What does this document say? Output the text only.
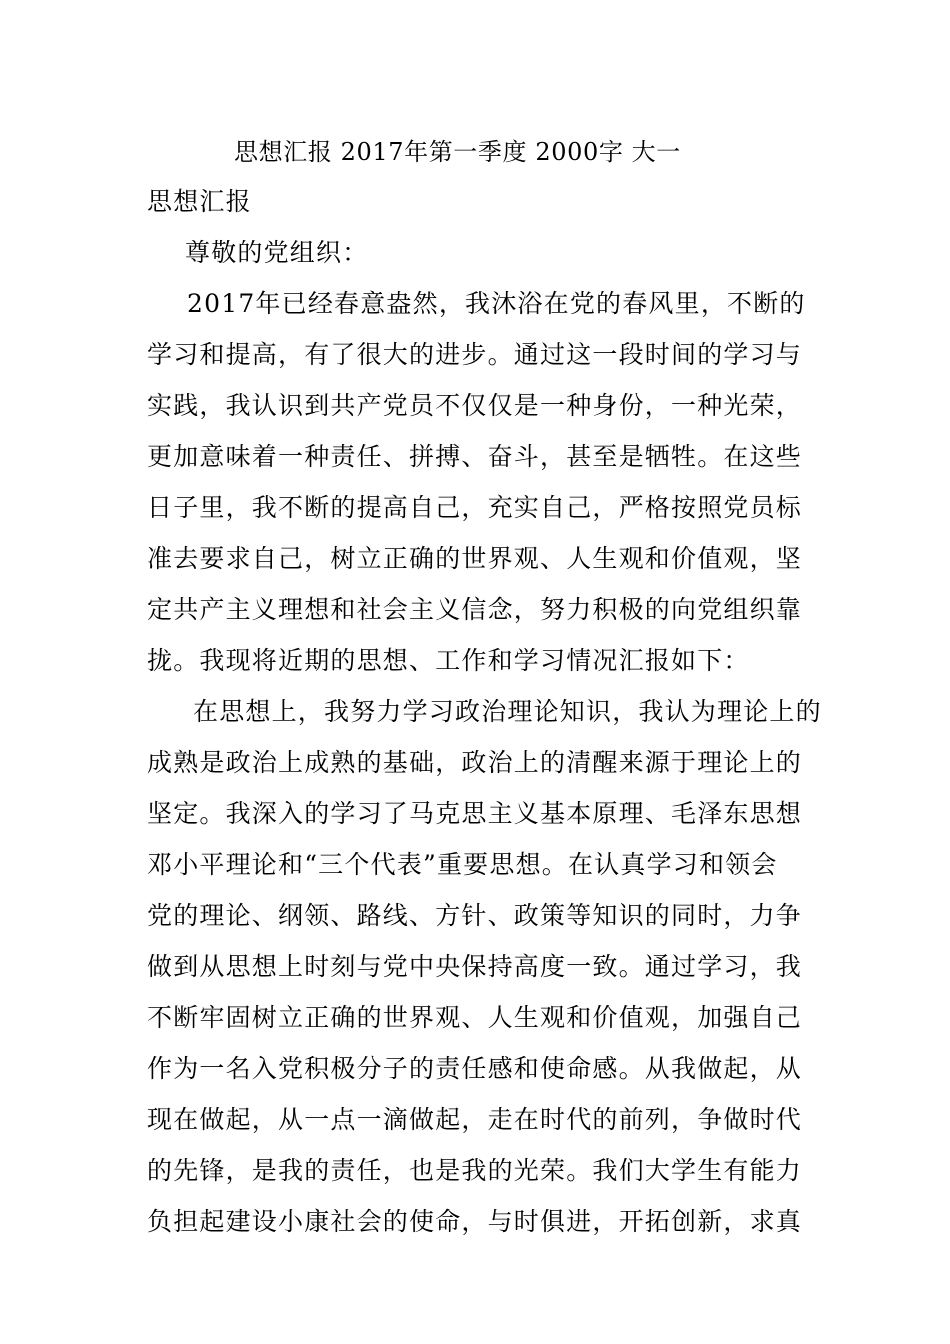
思想汇报 2017年第一季度 2000字 大一
思想汇报
尊敬的党组织：
2017年已经春意盎然，我沐浴在党的春风里，不断的
学习和提高，有了很大的进步。通过这一段时间的学习与
实践，我认识到共产党员不仅仅是一种身份，一种光荣，
更加意味着一种责任、拼搏、奋斗，甚至是牺牲。在这些
日子里，我不断的提高自己，充实自己，严格按照党员标
准去要求自己，树立正确的世界观、人生观和价值观，坚
定共产主义理想和社会主义信念，努力积极的向党组织靠
拢。我现将近期的思想、工作和学习情况汇报如下：
在思想上，我努力学习政治理论知识，我认为理论上的
成熟是政治上成熟的基础，政治上的清醒来源于理论上的
坚定。我深入的学习了马克思主义基本原理、毛泽东思想
邓小平理论和“三个代表”重要思想。在认真学习和领会
党的理论、纲领、路线、方针、政策等知识的同时，力争
做到从思想上时刻与党中央保持高度一致。通过学习，我
不断牢固树立正确的世界观、人生观和价值观，加强自己
作为一名入党积极分子的责任感和使命感。从我做起，从
现在做起，从一点一滴做起，走在时代的前列，争做时代
的先锋，是我的责任，也是我的光荣。我们大学生有能力
负担起建设小康社会的使命，与时俱进，开拓创新，求真
